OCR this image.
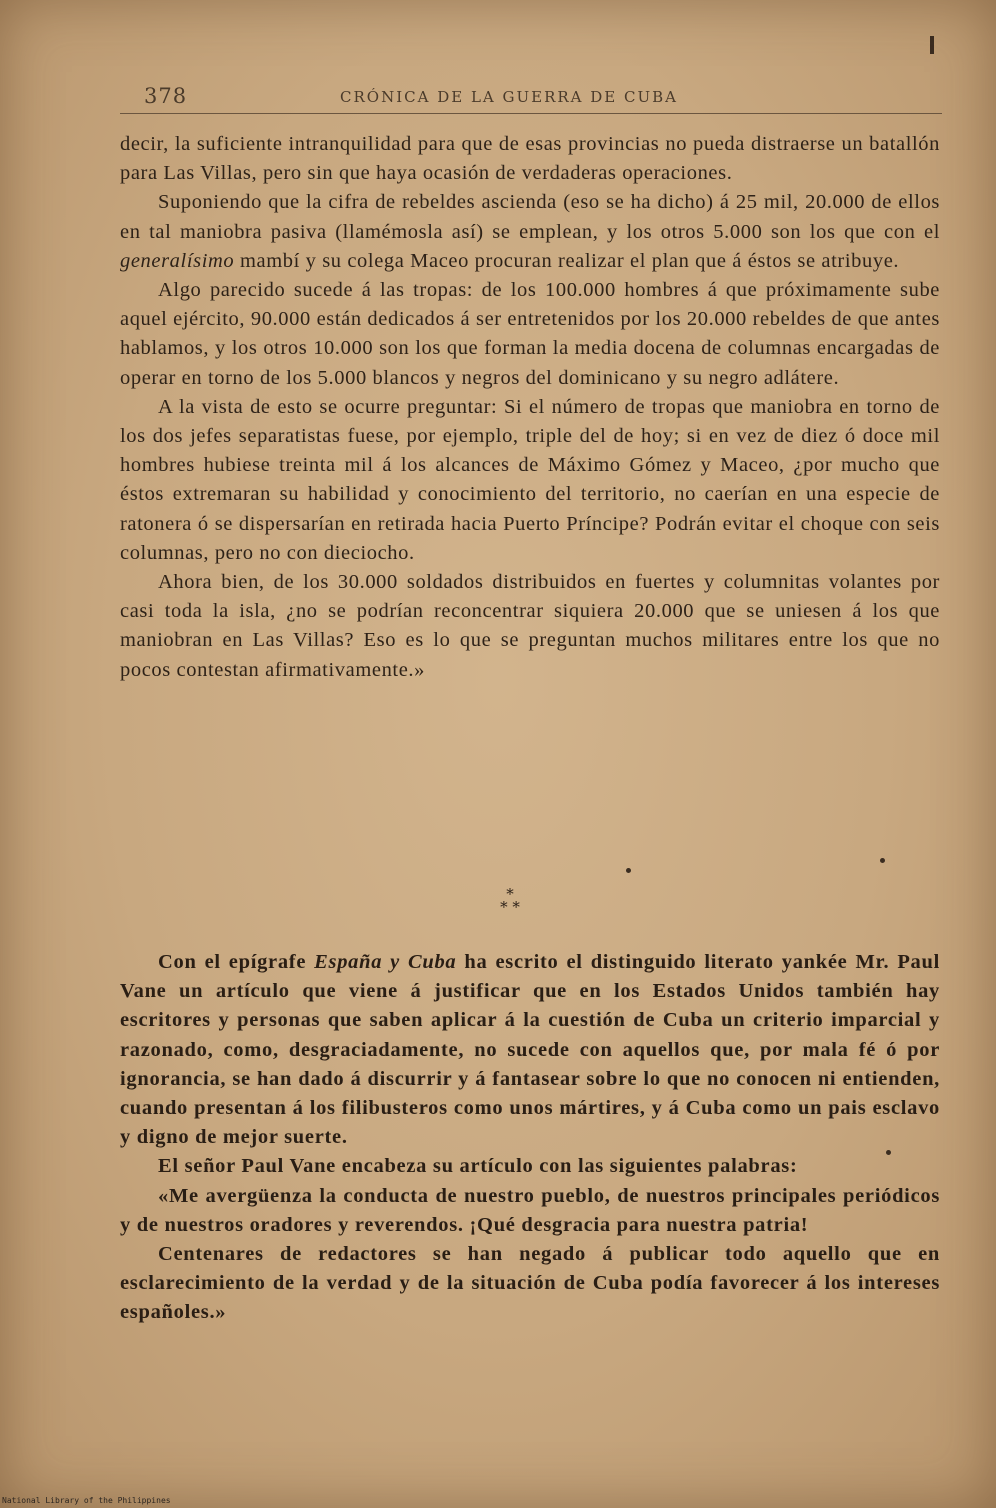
378	CRÓNICA DE LA GUERRA DE CUBA

decir, la suficiente intranquilidad para que de esas provincias no pueda distraerse un batallón para Las Villas, pero sin que haya ocasión de verdaderas operaciones.

Suponiendo que la cifra de rebeldes ascienda (eso se ha dicho) á 25 mil, 20.000 de ellos en tal maniobra pasiva (llamémosla así) se emplean, y los otros 5.000 son los que con el generalísimo mambí y su colega Maceo procuran realizar el plan que á éstos se atribuye.

Algo parecido sucede á las tropas: de los 100.000 hombres á que próximamente sube aquel ejército, 90.000 están dedicados á ser entretenidos por los 20.000 rebeldes de que antes hablamos, y los otros 10.000 son los que forman la media docena de columnas encargadas de operar en torno de los 5.000 blancos y negros del dominicano y su negro adlátere.

A la vista de esto se ocurre preguntar: Si el número de tropas que maniobra en torno de los dos jefes separatistas fuese, por ejemplo, triple del de hoy; si en vez de diez ó doce mil hombres hubiese treinta mil á los alcances de Máximo Gómez y Maceo, ¿por mucho que éstos extremaran su habilidad y conocimiento del territorio, no caerían en una especie de ratonera ó se dispersarían en retirada hacia Puerto Príncipe? Podrán evitar el choque con seis columnas, pero no con dieciocho.

Ahora bien, de los 30.000 soldados distribuidos en fuertes y columnitas volantes por casi toda la isla, ¿no se podrían reconcentrar siquiera 20.000 que se uniesen á los que maniobran en Las Villas? Eso es lo que se preguntan muchos militares entre los que no pocos contestan afirmativamente.»

*
* *

Con el epígrafe España y Cuba ha escrito el distinguido literato yankée Mr. Paul Vane un artículo que viene á justificar que en los Estados Unidos también hay escritores y personas que saben aplicar á la cuestión de Cuba un criterio imparcial y razonado, como, desgraciadamente, no sucede con aquellos que, por mala fé ó por ignorancia, se han dado á discurrir y á fantasear sobre lo que no conocen ni entienden, cuando presentan á los filibusteros como unos mártires, y á Cuba como un pais esclavo y digno de mejor suerte.

El señor Paul Vane encabeza su artículo con las siguientes palabras:

«Me avergüenza la conducta de nuestro pueblo, de nuestros principales periódicos y de nuestros oradores y reverendos. ¡Qué desgracia para nuestra patria!

Centenares de redactores se han negado á publicar todo aquello que en esclarecimiento de la verdad y de la situación de Cuba podía favorecer á los intereses españoles.»

National Library of the Philippines
